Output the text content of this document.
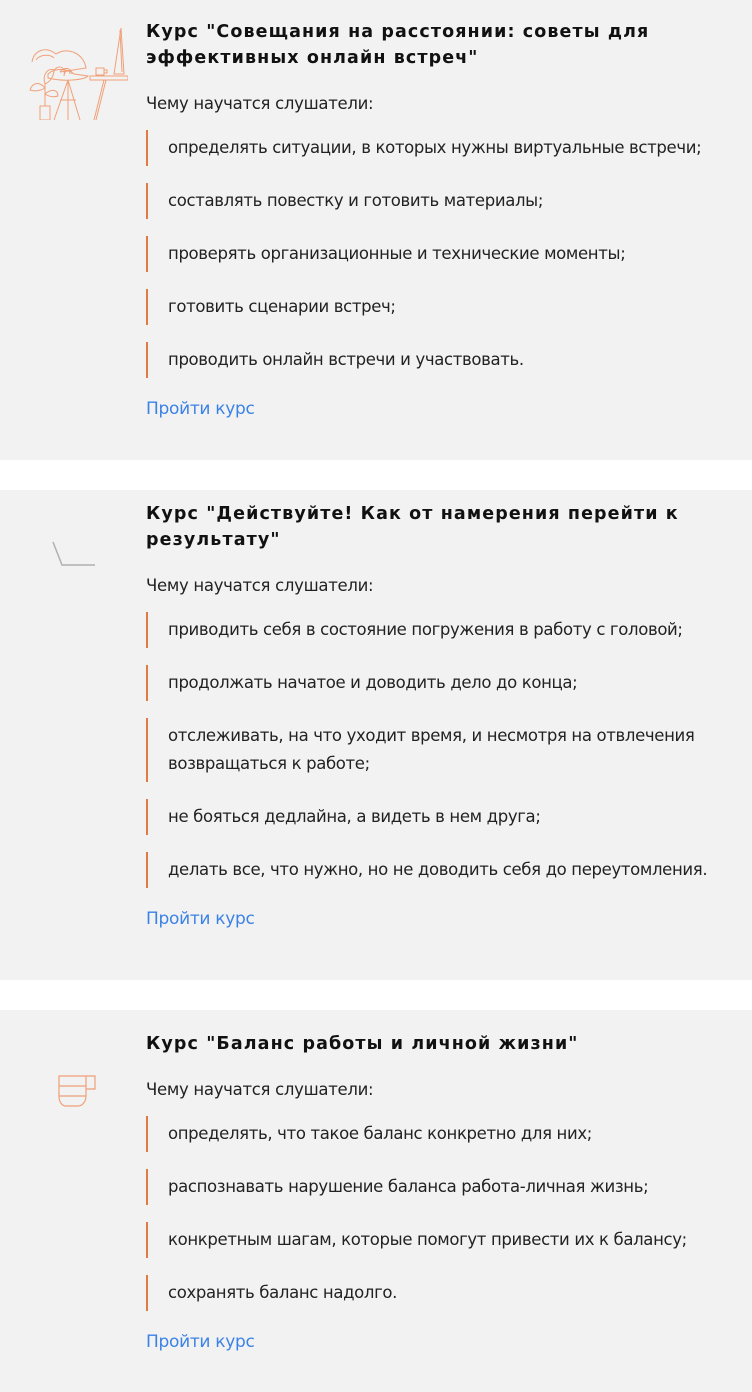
Курс "Совещания на расстоянии: советы для эффективных онлайн встреч"
Чему научатся слушатели:
определять ситуации, в которых нужны виртуальные встречи;
составлять повестку и готовить материалы;
проверять организационные и технические моменты;
готовить сценарии встреч;
проводить онлайн встречи и участвовать.
Пройти курс
Курс "Действуйте! Как от намерения перейти к результату"
Чему научатся слушатели:
приводить себя в состояние погружения в работу с головой;
продолжать начатое и доводить дело до конца;
отслеживать, на что уходит время, и несмотря на отвлечения возвращаться к работе;
не бояться дедлайна, а видеть в нем друга;
делать все, что нужно, но не доводить себя до переутомления.
Пройти курс
Курс "Баланс работы и личной жизни"
Чему научатся слушатели:
определять, что такое баланс конкретно для них;
распознавать нарушение баланса работа-личная жизнь;
конкретным шагам, которые помогут привести их к балансу;
сохранять баланс надолго.
Пройти курс
